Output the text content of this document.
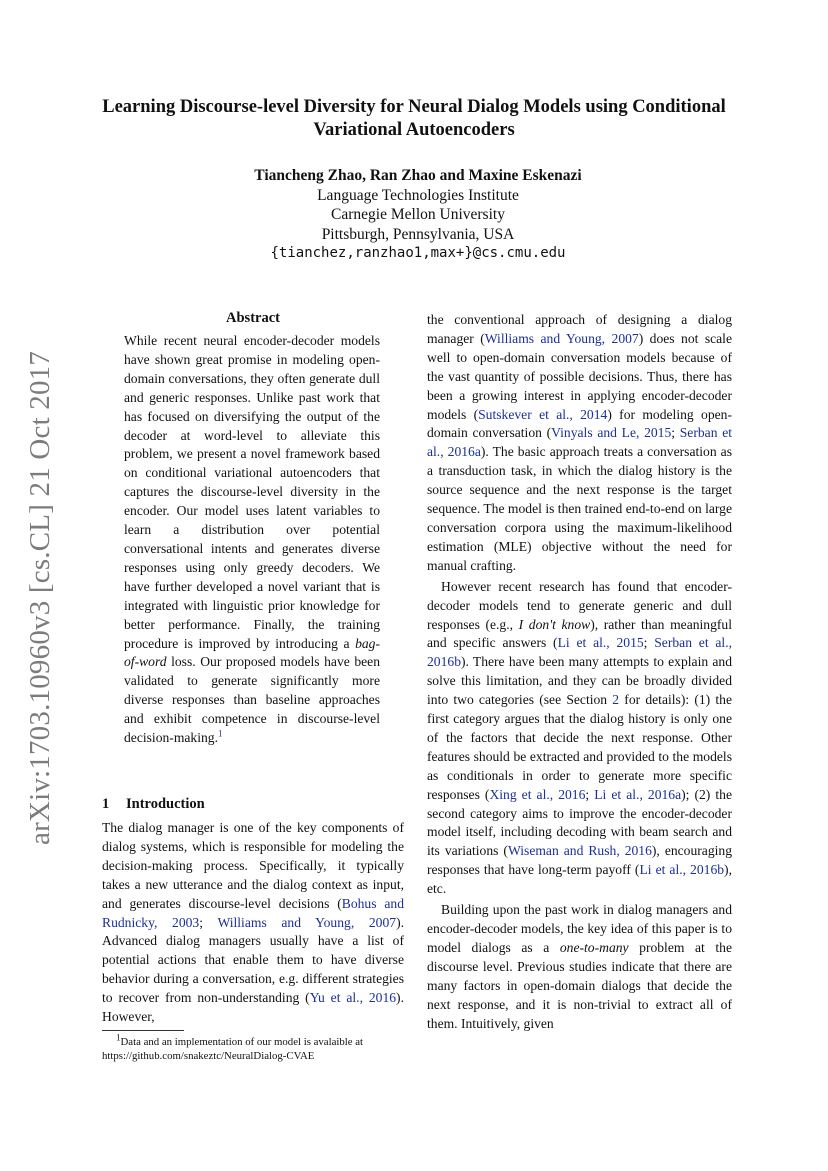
arXiv:1703.10960v3 [cs.CL] 21 Oct 2017
Learning Discourse-level Diversity for Neural Dialog Models using Conditional Variational Autoencoders
Tiancheng Zhao, Ran Zhao and Maxine Eskenazi
Language Technologies Institute
Carnegie Mellon University
Pittsburgh, Pennsylvania, USA
{tianchez,ranzhao1,max+}@cs.cmu.edu
Abstract
While recent neural encoder-decoder models have shown great promise in modeling open-domain conversations, they often generate dull and generic responses. Unlike past work that has focused on diversifying the output of the decoder at word-level to alleviate this problem, we present a novel framework based on conditional variational autoencoders that captures the discourse-level diversity in the encoder. Our model uses latent variables to learn a distribution over potential conversational intents and generates diverse responses using only greedy decoders. We have further developed a novel variant that is integrated with linguistic prior knowledge for better performance. Finally, the training procedure is improved by introducing a bag-of-word loss. Our proposed models have been validated to generate significantly more diverse responses than baseline approaches and exhibit competence in discourse-level decision-making.$^1$
1 Introduction

The dialog manager is one of the key components of dialog systems, which is responsible for modeling the decision-making process. Specifically, it typically takes a new utterance and the dialog context as input, and generates discourse-level decisions (Bohus and Rudnicky, 2003; Williams and Young, 2007). Advanced dialog managers usually have a list of potential actions that enable them to have diverse behavior during a conversation, e.g. different strategies to recover from non-understanding (Yu et al., 2016). However,

$^1$Data and an implementation of our model is avalaible at
https://github.com/snakeztc/NeuralDialog-CVAE

the conventional approach of designing a dialog manager (Williams and Young, 2007) does not scale well to open-domain conversation models because of the vast quantity of possible decisions. Thus, there has been a growing interest in applying encoder-decoder models (Sutskever et al., 2014) for modeling open-domain conversation (Vinyals and Le, 2015; Serban et al., 2016a). The basic approach treats a conversation as a transduction task, in which the dialog history is the source sequence and the next response is the target sequence. The model is then trained end-to-end on large conversation corpora using the maximum-likelihood estimation (MLE) objective without the need for manual crafting.

However recent research has found that encoder-decoder models tend to generate generic and dull responses (e.g., I don't know), rather than meaningful and specific answers (Li et al., 2015; Serban et al., 2016b). There have been many attempts to explain and solve this limitation, and they can be broadly divided into two categories (see Section 2 for details): (1) the first category argues that the dialog history is only one of the factors that decide the next response. Other features should be extracted and provided to the models as conditionals in order to generate more specific responses (Xing et al., 2016; Li et al., 2016a); (2) the second category aims to improve the encoder-decoder model itself, including decoding with beam search and its variations (Wiseman and Rush, 2016), encouraging responses that have long-term payoff (Li et al., 2016b), etc.

Building upon the past work in dialog managers and encoder-decoder models, the key idea of this paper is to model dialogs as a one-to-many problem at the discourse level. Previous studies indicate that there are many factors in open-domain dialogs that decide the next response, and it is non-trivial to extract all of them. Intuitively, given
